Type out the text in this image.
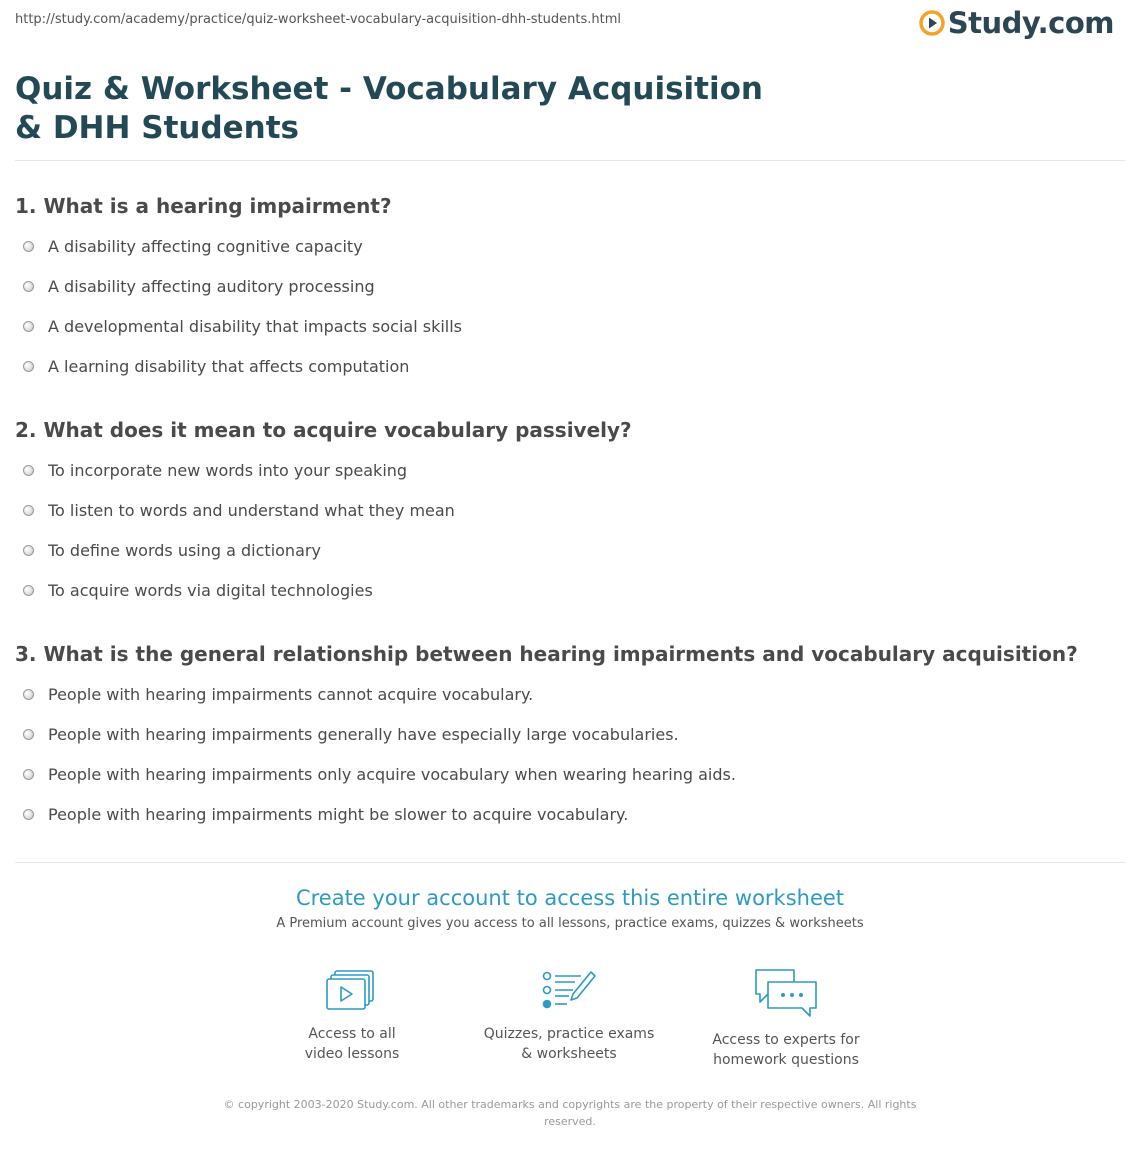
http://study.com/academy/practice/quiz-worksheet-vocabulary-acquisition-dhh-students.html	Study.com
Quiz & Worksheet - Vocabulary Acquisition & DHH Students
1. What is a hearing impairment?
A disability affecting cognitive capacity
A disability affecting auditory processing
A developmental disability that impacts social skills
A learning disability that affects computation
2. What does it mean to acquire vocabulary passively?
To incorporate new words into your speaking
To listen to words and understand what they mean
To define words using a dictionary
To acquire words via digital technologies
3. What is the general relationship between hearing impairments and vocabulary acquisition?
People with hearing impairments cannot acquire vocabulary.
People with hearing impairments generally have especially large vocabularies.
People with hearing impairments only acquire vocabulary when wearing hearing aids.
People with hearing impairments might be slower to acquire vocabulary.
Create your account to access this entire worksheet
A Premium account gives you access to all lessons, practice exams, quizzes & worksheets
Access to all
video lessons
Quizzes, practice exams
& worksheets
Access to experts for
homework questions
© copyright 2003-2020 Study.com. All other trademarks and copyrights are the property of their respective owners. All rights reserved.
